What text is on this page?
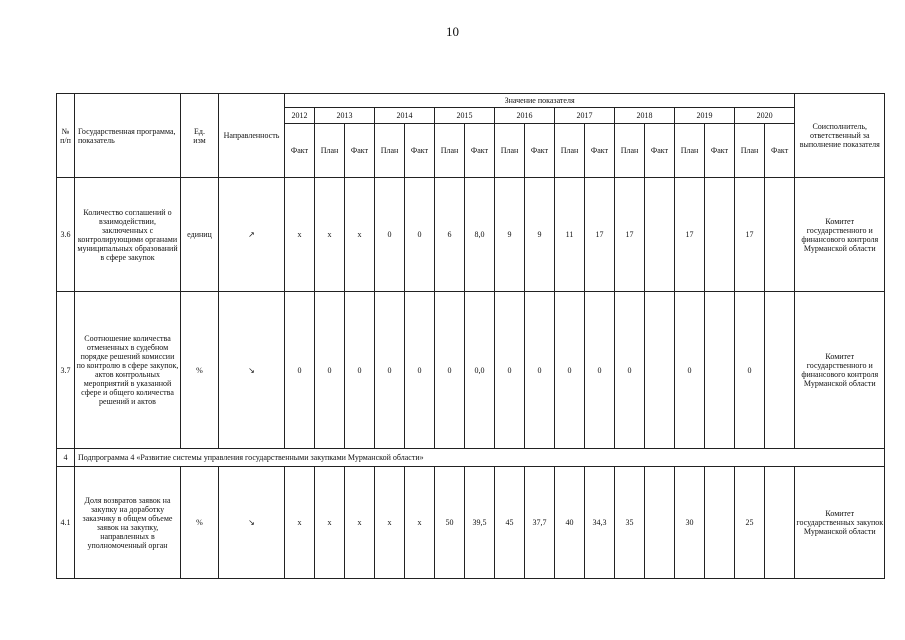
10
№
п/п	Государственная программа, показатель	Ед.
изм	Направленность	Значение показателя																	Соисполнитель, ответственный за выполнение показателя
				2012	2013		2014		2015		2016		2017		2018		2019		2020		
				Факт	План	Факт	План	Факт	План	Факт	План	Факт	План	Факт	План	Факт	План	Факт	План	Факт	
3.6	Количество соглашений о взаимодействии, заключенных с контролирующими органами муниципальных образований в сфере закупок	единиц	↗	х	х	х	0	0	6	8,0	9	9	11	17	17		17		17		Комитет государственного и финансового контроля Мурманской области
3.7	Соотношение количества отмененных в судебном порядке решений комиссии по контролю в сфере закупок, актов контрольных мероприятий в указанной сфере и общего количества решений и актов	%	↘	0	0	0	0	0	0	0,0	0	0	0	0	0		0		0		Комитет государственного и финансового контроля Мурманской области
4	Подпрограмма 4 «Развитие системы управления государственными закупками Мурманской области»																				
4.1	Доля возвратов заявок на закупку на доработку заказчику в общем объеме заявок на закупку, направленных в уполномоченный орган	%	↘	х	х	х	х	х	50	39,5	45	37,7	40	34,3	35		30		25		Комитет государственных закупок Мурманской области
